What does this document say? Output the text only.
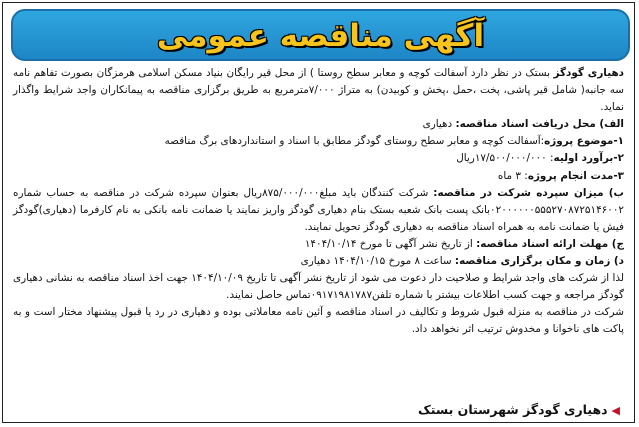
آگهی مناقصه عمومی

دهیاری گودگز بستک در نظر دارد آسفالت کوچه و معابر سطح روستا ) از محل قیر رایگان بنیاد مسکن اسلامی هرمزگان بصورت تفاهم نامه سه جانبه( شامل قیر پاشی، پخت ،حمل ،پخش و کوبیدن) به متراژ ۷/۰۰۰مترمربع به طریق برگزاری مناقصه به پیمانکاران واجد شرایط واگذار نماید.

الف) محل دریافت اسناد مناقصه: دهیاری

۱-موضوع پروژه:آسفالت کوچه و معابر سطح روستای گودگز مطابق با اسناد و استانداردهای برگ مناقصه

۲-برآورد اولیه: ۱۷/۵۰۰/۰۰۰/۰۰۰ریال

۳-مدت انجام پروژه: ۳ ماه

ب) میزان سپرده شرکت در مناقصه: شرکت کنندگان باید مبلغ۸۷۵/۰۰۰/۰۰۰ریال بعنوان سپرده شرکت در مناقصه به حساب شماره ۰۲۰۰۰۰۰۰۵۵۵۲۷۰۸۷۲۵۱۴۶۰۰۲بانک پست بانک شعبه بستک بنام دهیاری گودگز واریز نمایند یا ضمانت نامه بانکی به نام کارفرما (دهیاری)گودگز فیش یا ضمانت نامه به همراه اسناد مناقصه به دهیاری گودگز تحویل نمایند.

ج) مهلت ارائه اسناد مناقصه: از تاریخ نشر آگهی تا مورخ ۱۴۰۴/۱۰/۱۴

د) زمان و مکان برگزاری مناقصه: ساعت ۸ مورخ ۱۴۰۴/۱۰/۱۵ دهیاری

لذا از شرکت های واجد شرایط و صلاحیت دار دعوت می شود از تاریخ نشر آگهی تا تاریخ ۱۴۰۴/۱۰/۰۹ جهت اخذ اسناد مناقصه به نشانی دهیاری گودگز مراجعه و جهت کسب اطلاعات بیشتر با شماره تلفن۰۹۱۷۱۹۸۱۷۸۷تماس حاصل نمایند.

شرکت در مناقصه به منزله قبول شروط و تکالیف در اسناد مناقصه و آئین نامه معاملاتی بوده و دهیاری در رد یا قبول پیشنهاد مختار است و به پاکت های ناخوانا و مخدوش ترتیب اثر نخواهد داد.

◀دهیاری گودگز شهرستان بستک
